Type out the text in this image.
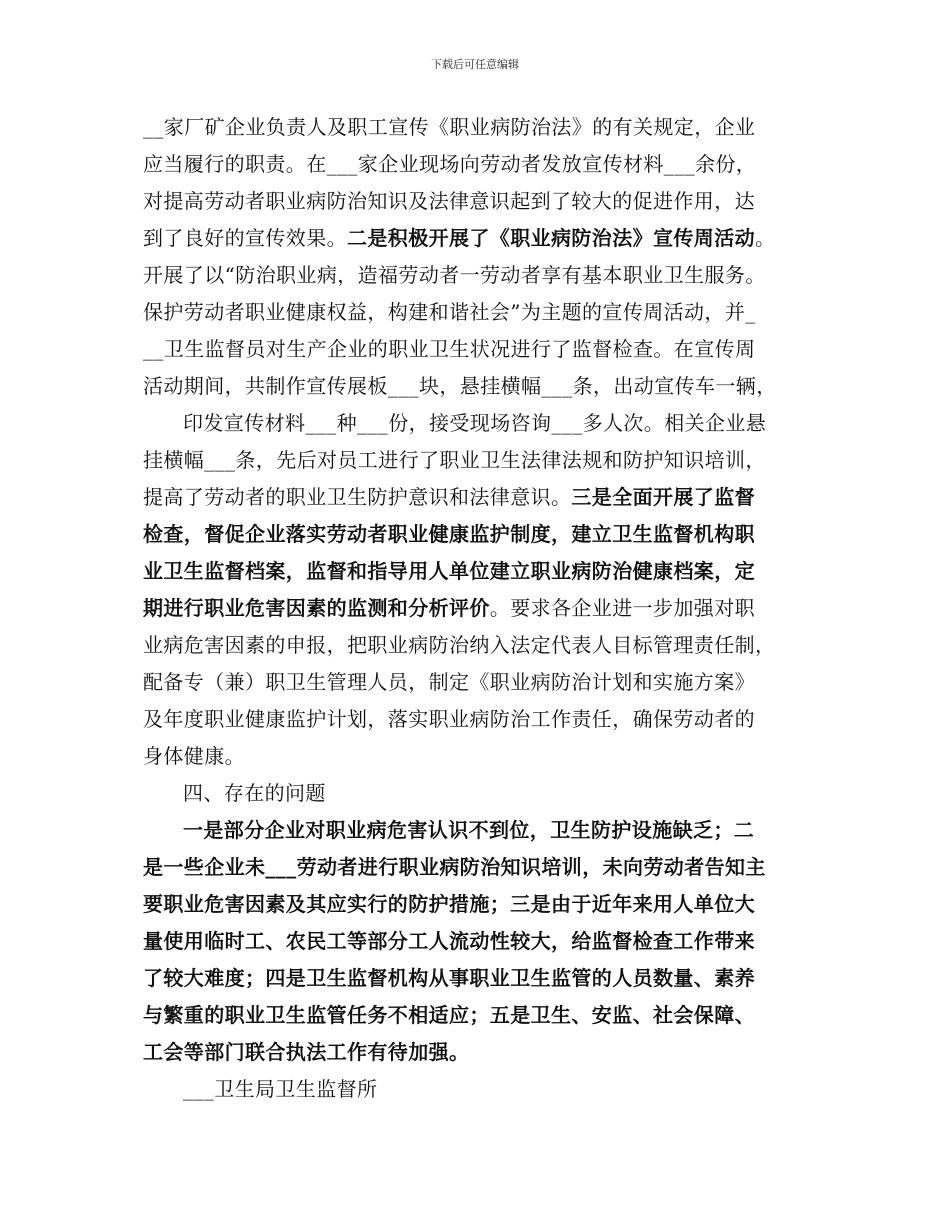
下载后可任意编辑
__家厂矿企业负责人及职工宣传《职业病防治法》的有关规定，企业
应当履行的职责。在___家企业现场向劳动者发放宣传材料___余份，
对提高劳动者职业病防治知识及法律意识起到了较大的促进作用，达
到了良好的宣传效果。二是积极开展了《职业病防治法》宣传周活动。
开展了以“防治职业病，造福劳动者一劳动者享有基本职业卫生服务。
保护劳动者职业健康权益，构建和谐社会”为主题的宣传周活动，并_
__卫生监督员对生产企业的职业卫生状况进行了监督检查。在宣传周
活动期间，共制作宣传展板___块，悬挂横幅___条，出动宣传车一辆，
印发宣传材料___种___份，接受现场咨询___多人次。相关企业悬
挂横幅___条，先后对员工进行了职业卫生法律法规和防护知识培训，
提高了劳动者的职业卫生防护意识和法律意识。三是全面开展了监督
检查，督促企业落实劳动者职业健康监护制度，建立卫生监督机构职
业卫生监督档案，监督和指导用人单位建立职业病防治健康档案，定
期进行职业危害因素的监测和分析评价。要求各企业进一步加强对职
业病危害因素的申报，把职业病防治纳入法定代表人目标管理责任制，
配备专（兼）职卫生管理人员，制定《职业病防治计划和实施方案》
及年度职业健康监护计划，落实职业病防治工作责任，确保劳动者的
身体健康。
四、存在的问题
一是部分企业对职业病危害认识不到位，卫生防护设施缺乏；二
是一些企业未___劳动者进行职业病防治知识培训，未向劳动者告知主
要职业危害因素及其应实行的防护措施；三是由于近年来用人单位大
量使用临时工、农民工等部分工人流动性较大，给监督检查工作带来
了较大难度；四是卫生监督机构从事职业卫生监管的人员数量、素养
与繁重的职业卫生监管任务不相适应；五是卫生、安监、社会保障、
工会等部门联合执法工作有待加强。
___卫生局卫生监督所
